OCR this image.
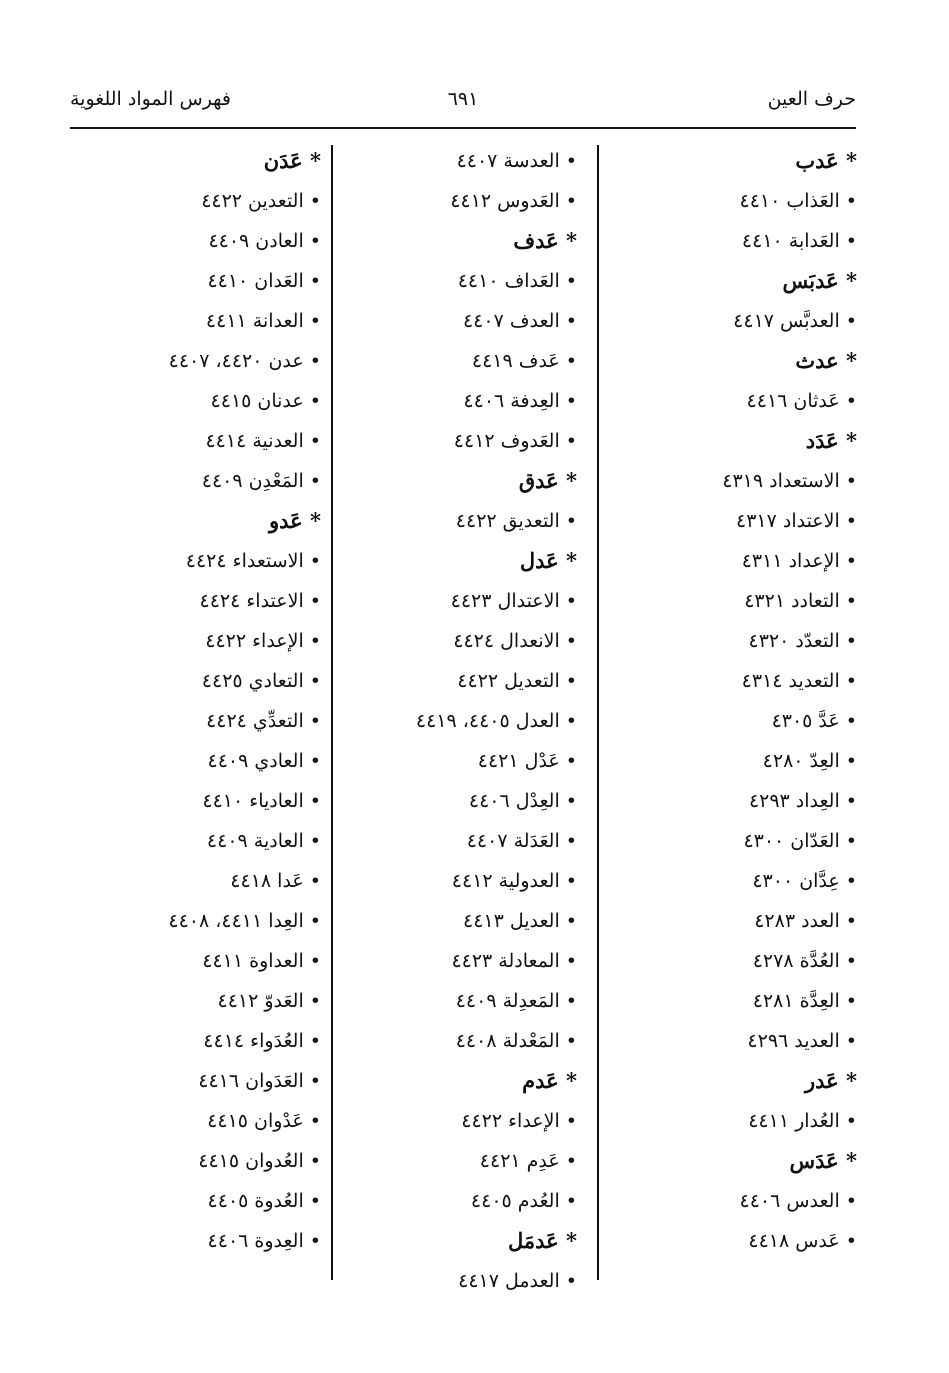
حرف العين
٦٩١
فهرس المواد اللغوية
* عَدب
• العَذاب ٤٤١٠
• العَدابة ٤٤١٠
* عَدبَس
• العدبَّس ٤٤١٧
* عدث
• عَدثان ٤٤١٦
* عَدَد
• الاستعداد ٤٣١٩
• الاعتداد ٤٣١٧
• الإعداد ٤٣١١
• التعادد ٤٣٢١
• التعدّد ٤٣٢٠
• التعديد ٤٣١٤
• عَدَّ ٤٣٠٥
• العِدّ ٤٢٨٠
• العِداد ٤٢٩٣
• العَدّان ٤٣٠٠
• عِدَّان ٤٣٠٠
• العدد ٤٢٨٣
• العُدَّة ٤٢٧٨
• العِدَّة ٤٢٨١
• العديد ٤٢٩٦
* عَدر
• العُدار ٤٤١١
* عَدَس
• العدس ٤٤٠٦
• عَدس ٤٤١٨
• العدسة ٤٤٠٧
• العَدوس ٤٤١٢
* عَدف
• العَداف ٤٤١٠
• العدف ٤٤٠٧
• عَدف ٤٤١٩
• العِدفة ٤٤٠٦
• العَدوف ٤٤١٢
* عَدق
• التعديق ٤٤٢٢
* عَدل
• الاعتدال ٤٤٢٣
• الانعدال ٤٤٢٤
• التعديل ٤٤٢٢
• العدل ٤٤٠٥، ٤٤١٩
• عَدْل ٤٤٢١
• العِدْل ٤٤٠٦
• العَدَلة ٤٤٠٧
• العدولية ٤٤١٢
• العديل ٤٤١٣
• المعادلة ٤٤٢٣
• المَعدِلة ٤٤٠٩
• المَعْدلة ٤٤٠٨
* عَدم
• الإعداء ٤٤٢٢
• عَدِم ٤٤٢١
• العُدم ٤٤٠٥
* عَدمَل
• العدمل ٤٤١٧
* عَدَن
• التعدين ٤٤٢٢
• العادن ٤٤٠٩
• العَدان ٤٤١٠
• العدانة ٤٤١١
• عدن ٤٤٢٠، ٤٤٠٧
• عدنان ٤٤١٥
• العدنية ٤٤١٤
• المَعْدِن ٤٤٠٩
* عَدو
• الاستعداء ٤٤٢٤
• الاعتداء ٤٤٢٤
• الإعداء ٤٤٢٢
• التعادي ٤٤٢٥
• التعدِّي ٤٤٢٤
• العادي ٤٤٠٩
• العادياء ٤٤١٠
• العادية ٤٤٠٩
• عَدا ٤٤١٨
• العِدا ٤٤١١، ٤٤٠٨
• العداوة ٤٤١١
• العَدوّ ٤٤١٢
• العُدَواء ٤٤١٤
• العَدَوان ٤٤١٦
• عَدْوان ٤٤١٥
• العُدوان ٤٤١٥
• العُدوة ٤٤٠٥
• العِدوة ٤٤٠٦
